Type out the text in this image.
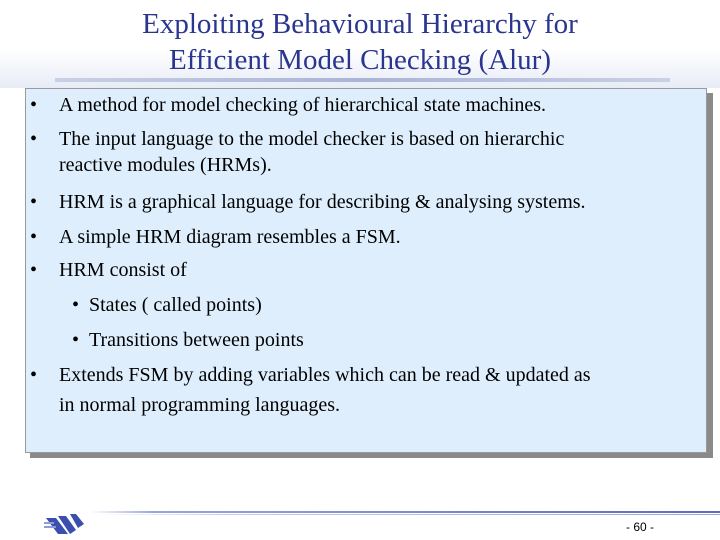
Exploiting Behavioural Hierarchy for
Efficient Model Checking (Alur)
• A method for model checking of hierarchical state machines.
• The input language to the model checker is based on hierarchic
reactive modules (HRMs).
• HRM is a graphical language for describing & analysing systems.
• A simple HRM diagram resembles a FSM.
• HRM consist of
• States ( called points)
• Transitions between points
• Extends FSM by adding variables which can be read & updated as
in normal programming languages.
- 60 -
